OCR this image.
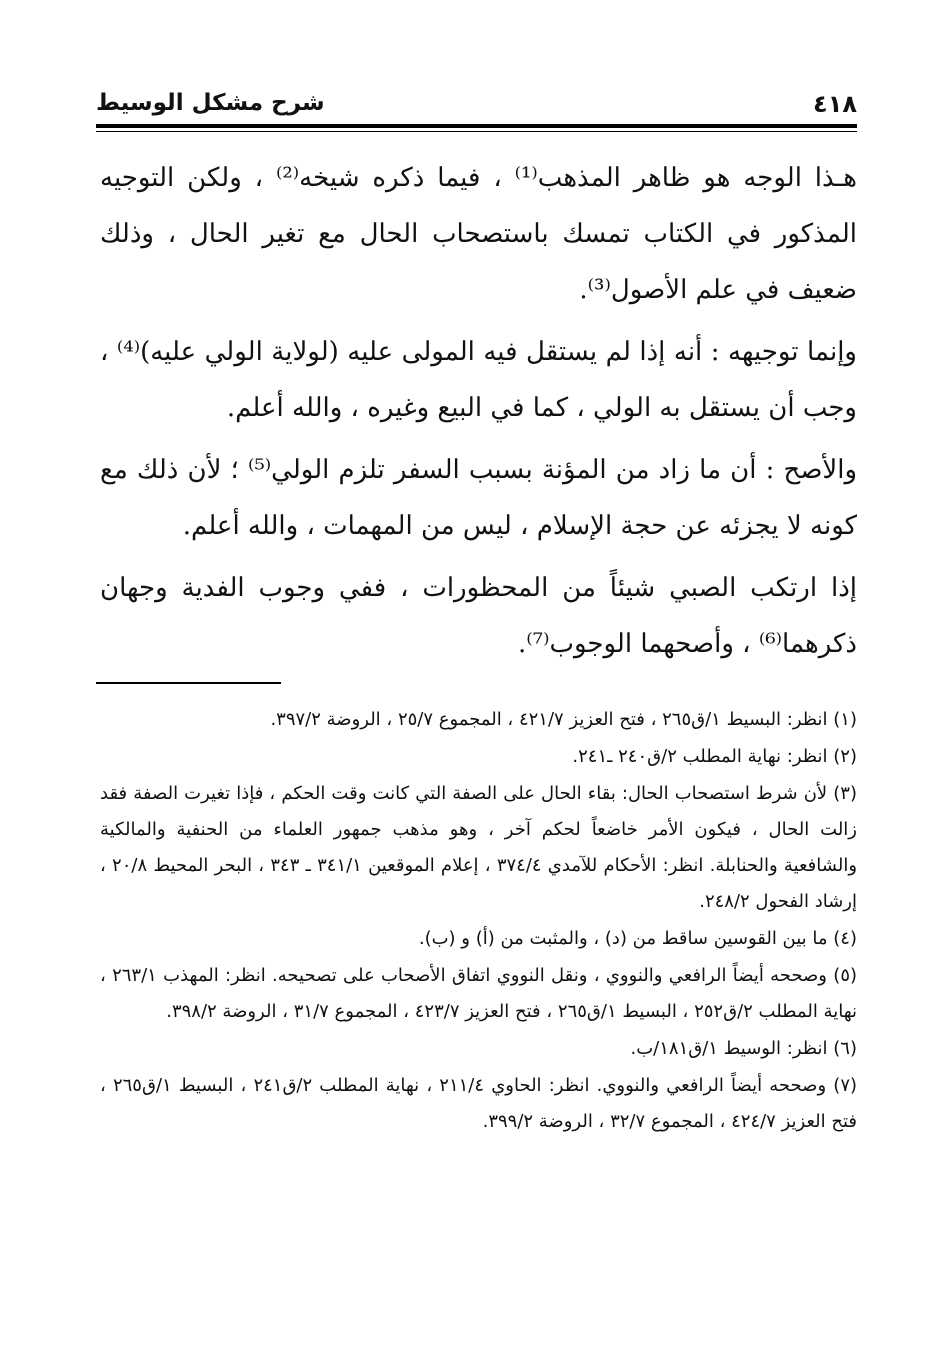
٤١٨
شرح مشكل الوسيط

هـذا الوجه هو ظاهر المذهب⁽¹⁾ ، فيما ذكره شيخه⁽²⁾ ، ولكن التوجيه المذكور في الكتاب تمسك باستصحاب الحال مع تغير الحال ، وذلك ضعيف في علم الأصول⁽³⁾.

وإنما توجيهه : أنه إذا لم يستقل فيه المولى عليه (لولاية الولي عليه)⁽⁴⁾ ، وجب أن يستقل به الولي ، كما في البيع وغيره ، والله أعلم.

والأصح : أن ما زاد من المؤنة بسبب السفر تلزم الولي⁽⁵⁾ ؛ لأن ذلك مع كونه لا يجزئه عن حجة الإسلام ، ليس من المهمات ، والله أعلم.

إذا ارتكب الصبي شيئاً من المحظورات ، ففي وجوب الفدية وجهان ذكرهما⁽⁶⁾ ، وأصحهما الوجوب⁽⁷⁾.

(١) انظر: البسيط ١/ق٢٦٥ ، فتح العزيز ٤٢١/٧ ، المجموع ٢٥/٧ ، الروضة ٣٩٧/٢.

(٢) انظر: نهاية المطلب ٢/ق٢٤٠ ـ٢٤١.

(٣) لأن شرط استصحاب الحال: بقاء الحال على الصفة التي كانت وقت الحكم ، فإذا تغيرت الصفة فقد زالت الحال ، فيكون الأمر خاضعاً لحكم آخر ، وهو مذهب جمهور العلماء من الحنفية والمالكية والشافعية والحنابلة. انظر: الأحكام للآمدي ٣٧٤/٤ ، إعلام الموقعين ٣٤١/١ ـ ٣٤٣ ، البحر المحيط ٢٠/٨ ، إرشاد الفحول ٢٤٨/٢.

(٤) ما بين القوسين ساقط من (د) ، والمثبت من (أ) و (ب).

(٥) وصححه أيضاً الرافعي والنووي ، ونقل النووي اتفاق الأصحاب على تصحيحه. انظر: المهذب ٢٦٣/١ ، نهاية المطلب ٢/ق٢٥٢ ، البسيط ١/ق٢٦٥ ، فتح العزيز ٤٢٣/٧ ، المجموع ٣١/٧ ، الروضة ٣٩٨/٢.

(٦) انظر: الوسيط ١/ق١٨١/ب.

(٧) وصححه أيضاً الرافعي والنووي. انظر: الحاوي ٢١١/٤ ، نهاية المطلب ٢/ق٢٤١ ، البسيط ١/ق٢٦٥ ، فتح العزيز ٤٢٤/٧ ، المجموع ٣٢/٧ ، الروضة ٣٩٩/٢.
